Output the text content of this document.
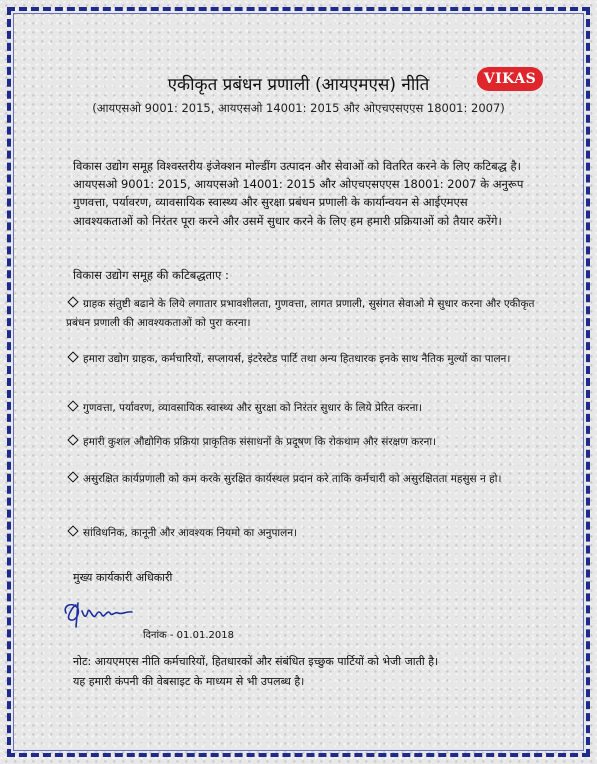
एकीकृत प्रबंधन प्रणाली (आयएमएस) नीति	VIKAS
(आयएसओ 9001: 2015, आयएसओ 14001: 2015 और ओएचएसएएस 18001: 2007)

विकास उद्योग समूह विश्वस्तरीय इंजेक्शन मोल्डींग उत्पादन और सेवाओं को वितरित करने के लिए कटिबद्ध है। आयएसओ 9001: 2015, आयएसओ 14001: 2015 और ओएचएसएएस 18001: 2007 के अनुरूप गुणवत्ता, पर्यावरण, व्यावसायिक स्वास्थ्य और सुरक्षा प्रबंधन प्रणाली के कार्यान्वयन से आईएमएस आवश्यकताओं को निरंतर पूरा करने और उसमें सुधार करने के लिए हम हमारी प्रक्रियाओं को तैयार करेंगे।

विकास उद्योग समूह की कटिबद्धताए :
ग्राहक संतुष्टी बढाने के लिये लगातार प्रभावशीलता, गुणवत्ता, लागत प्रणाली, सुसंगत सेवाओ मे सुधार करना और एकीकृत प्रबंधन प्रणाली की आवश्यकताओं को पुरा करना।
हमारा उद्योग ग्राहक, कर्मचारियों, सप्लायर्स, इंटरेस्टेड पार्टि तथा अन्य हितधारक इनके साथ नैतिक मुल्यों का पालन।
गुणवत्ता, पर्यावरण, व्यावसायिक स्वास्थ्य और सुरक्षा को निरंतर सुधार के लिये प्रेरित करना।
हमारी कुशल औद्योगिक प्रक्रिया प्राकृतिक संसाधनों के प्रदूषण कि रोकथाम और संरक्षण करना।
असुरक्षित कार्यप्रणाली को कम करके सुरक्षित कार्यस्थल प्रदान करे ताकि कर्मचारी को असुरक्षितता महसुस न हो।
सांविधनिक, कानूनी और आवश्यक नियमो का अनुपालन।
मुख्य कार्यकारी अधिकारी
दिनांक - 01.01.2018
नोट: आयएमएस नीति कर्मचारियों, हितधारकों और संबंधित इच्छुक पार्टियों को भेजी जाती है।
यह हमारी कंपनी की वेबसाइट के माध्यम से भी उपलब्ध है।
